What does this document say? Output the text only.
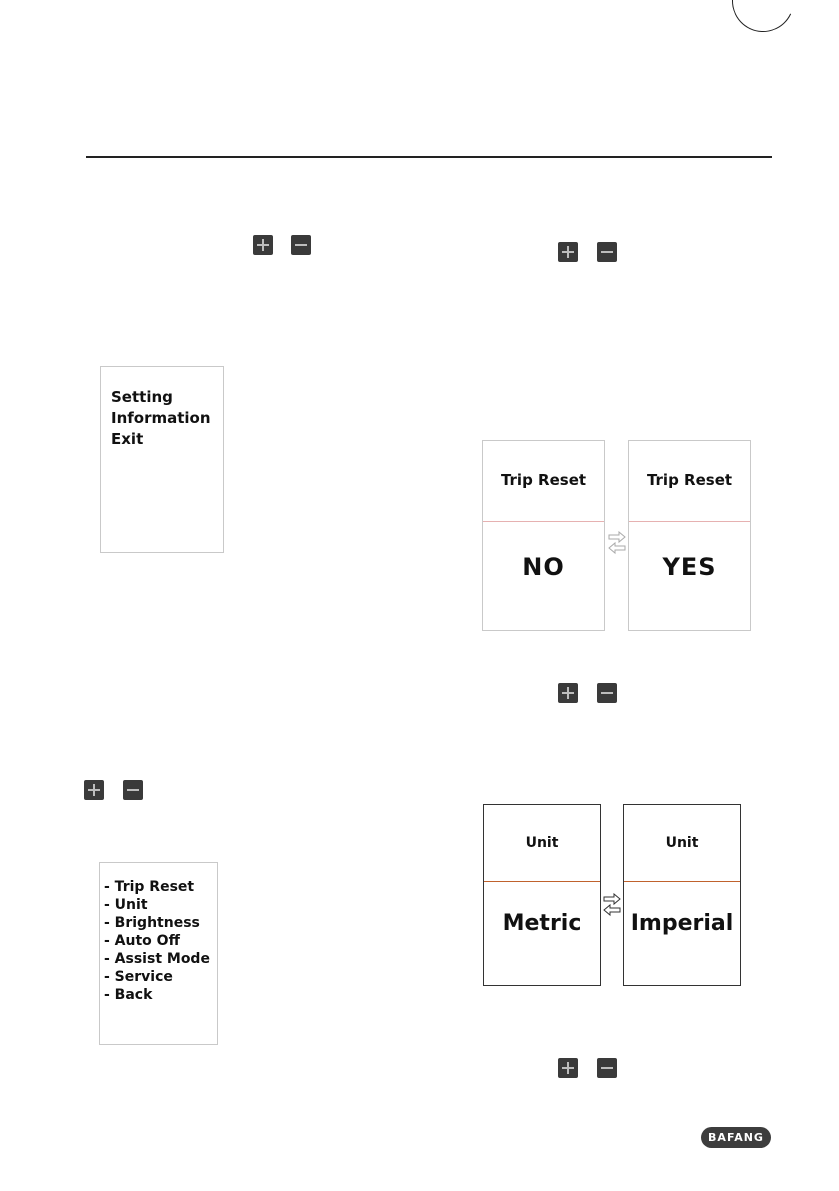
Setting
Information
Exit
- Trip Reset
- Unit
- Brightness
- Auto Off
- Assist Mode
- Service
- Back
Trip Reset
NO
Trip Reset
YES
Unit
Metric
Unit
Imperial
BAFANG
